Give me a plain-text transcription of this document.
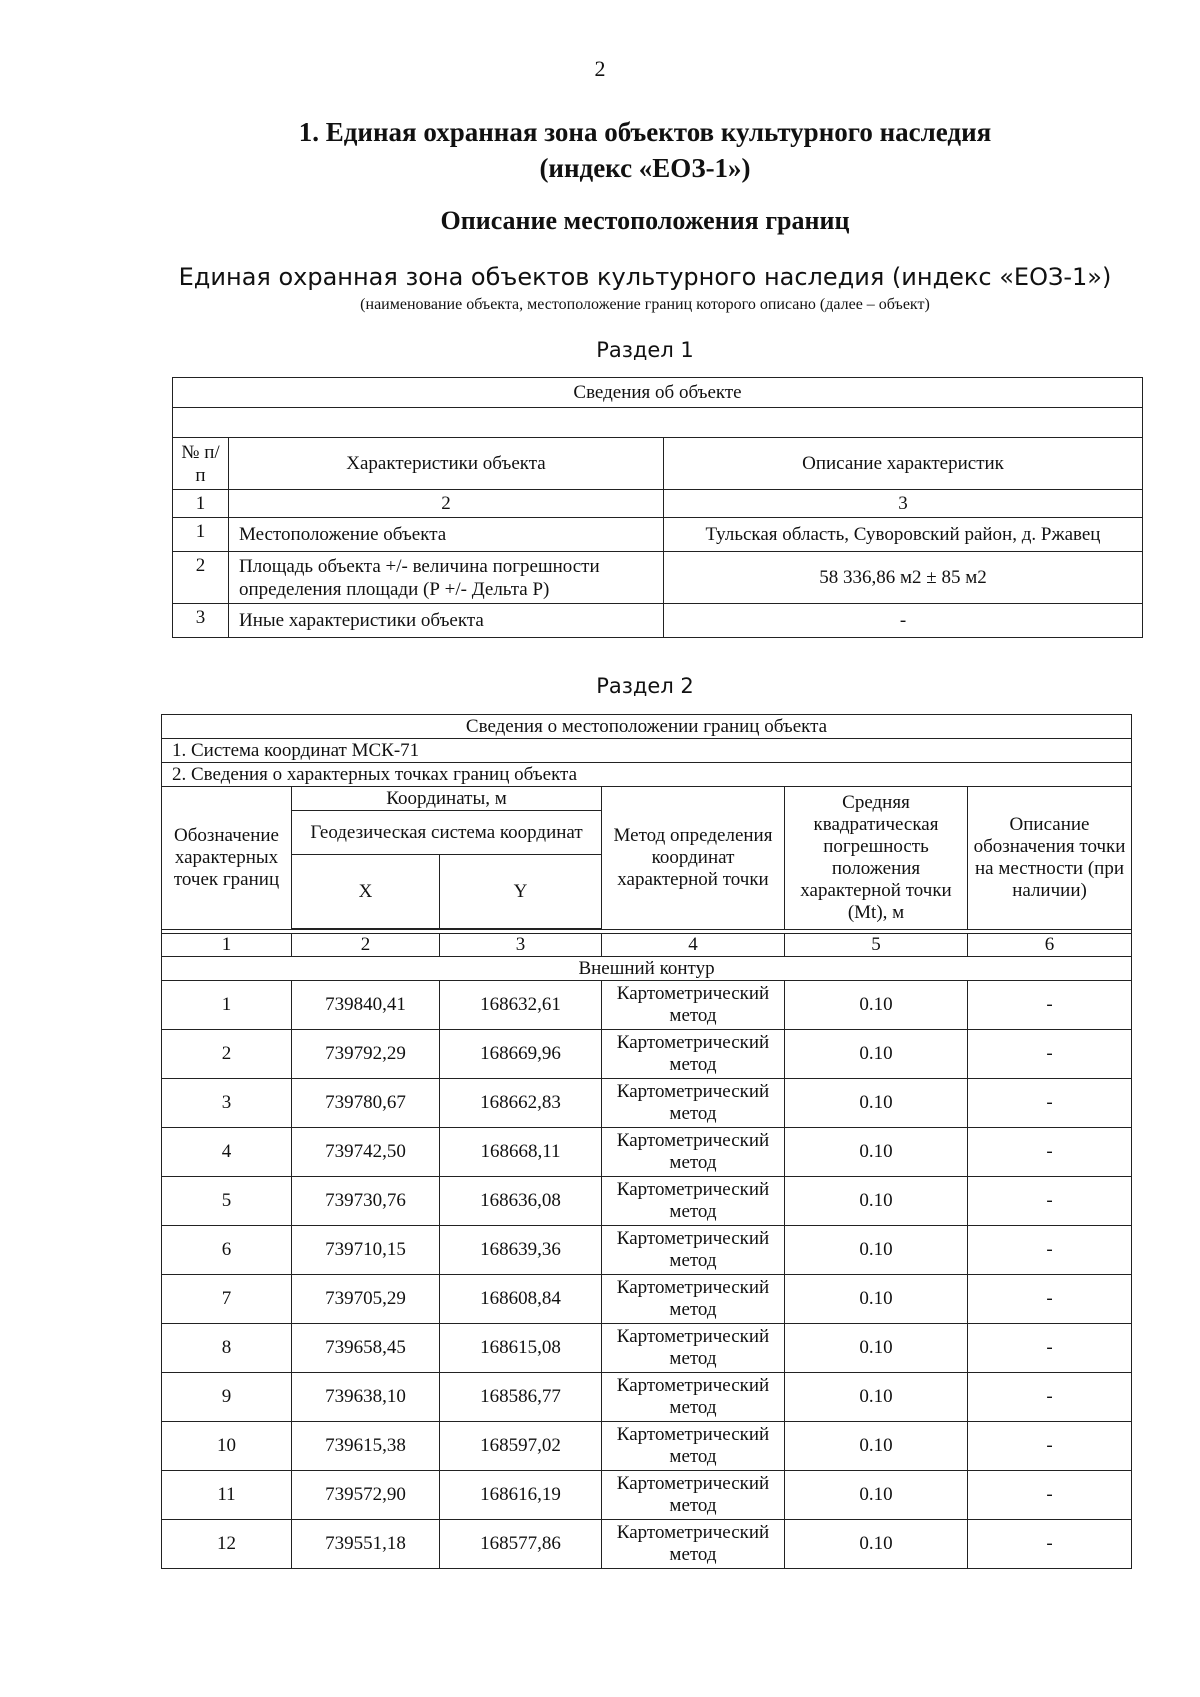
2
1. Единая охранная зона объектов культурного наследия
(индекс «ЕОЗ-1»)
Описание местоположения границ
Единая охранная зона объектов культурного наследия (индекс «ЕОЗ-1»)
(наименование объекта, местоположение границ которого описано (далее – объект)
Раздел 1
Сведения об объекте		

№ п/п	Характеристики объекта	Описание характеристик
1	2	3
1	Местоположение объекта	Тульская область, Суворовский район, д. Ржавец
2	Площадь объекта +/- величина погрешности определения площади (Р +/- Дельта Р)	58 336,86 м2 ± 85 м2
3	Иные характеристики объекта	-
Раздел 2
Сведения о местоположении границ объекта					
1. Система координат МСК-71					
2. Сведения о характерных точках границ объекта					
Обозначение характерных точек границ	Координаты, м		Метод определения координат характерной точки	Средняя квадратическая погрешность положения характерной точки (Mt), м	Описание обозначения точки на местности (при наличии)
	Геодезическая система координат				
	X	Y			

1	2	3	4	5	6
Внешний контур					
1	739840,41	168632,61	Картометрический метод	0.10	-
2	739792,29	168669,96	Картометрический метод	0.10	-
3	739780,67	168662,83	Картометрический метод	0.10	-
4	739742,50	168668,11	Картометрический метод	0.10	-
5	739730,76	168636,08	Картометрический метод	0.10	-
6	739710,15	168639,36	Картометрический метод	0.10	-
7	739705,29	168608,84	Картометрический метод	0.10	-
8	739658,45	168615,08	Картометрический метод	0.10	-
9	739638,10	168586,77	Картометрический метод	0.10	-
10	739615,38	168597,02	Картометрический метод	0.10	-
11	739572,90	168616,19	Картометрический метод	0.10	-
12	739551,18	168577,86	Картометрический метод	0.10	-
